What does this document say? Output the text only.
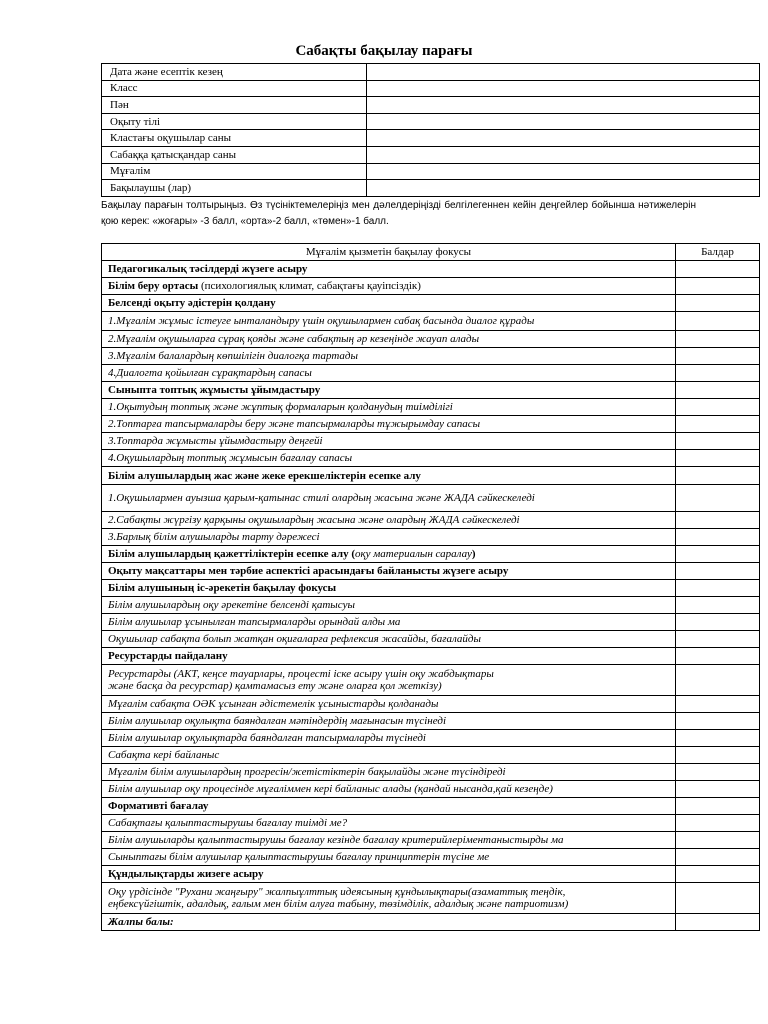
Сабақты бақылау парағы
Дата және есептік кезең	
Класс	
Пән	
Оқыту тілі	
Кластағы оқушылар саны	
Сабаққа қатысқандар саны	
Мұғалім	
Бақылаушы (лар)	
Бақылау парағын толтырыңыз. Өз түсініктемелеріңіз мен дәлелдеріңізді белгілегеннен кейін деңгейлер бойынша нәтижелерін қою керек: «жоғары» -3 балл, «орта»-2 балл, «төмен»-1 балл.
Мұғалім қызметін бақылау фокусы	Балдар
Педагогикалық тәсілдерді жүзеге асыру	
Білім беру ортасы (психологиялық климат, сабақтағы қауіпсіздік)	
Белсенді оқыту әдістерін қолдану	
1.Мұғалім жұмыс істеуге ынталандыру үшін оқушылармен сабақ басында диалог құрады	
2.Мұғалім оқушыларға сұрақ қояды және сабақтың әр кезеңінде жауап алады	
3.Мұғалім балалардың көпшілігін диалогқа тартады	
4.Диалогта қойылған сұрақтардың сапасы	
Сыныпта топтық жұмысты ұйымдастыру	
1.Оқытудың топтық және жұптық формаларын қолданудың тиімділігі	
2.Топтарға тапсырмаларды беру және тапсырмаларды тұжырымдау сапасы	
3.Топтарда жұмысты ұйымдастыру деңгейі	
4.Оқушылардың топтық жұмысын бағалау сапасы	
Білім алушылардың жас және жеке ерекшеліктерін есепке алу	
1.Оқушылармен ауызша қарым-қатынас стилі олардың жасына және ЖАДА сәйкескеледі	
2.Сабақты жүргізу қарқыны оқушылардың жасына және олардың ЖАДА сәйкескеледі	
3.Барлық білім алушыларды тарту дәрежесі	
Білім алушылардың қажеттіліктерін есепке алу (оқу материалын саралау)	
Оқыту мақсаттары мен тәрбие аспектісі арасындағы байланысты жүзеге асыру	
Білім алушының іс-әрекетін бақылау фокусы	
Білім алушылардың оқу әрекетіне белсенді қатысуы	
Білім алушылар ұсынылған тапсырмаларды орындай алды ма	
Оқушылар сабақта болып жатқан оқиғаларға рефлексия жасайды, бағалайды	
Ресурстарды пайдалану	
Ресурстарды (АКТ, кеңсе тауарлары, процесті іске асыру үшін оқу жабдықтары
және басқа да ресурстар) қамтамасыз ету және оларға қол жеткізу)	
Мұғалім сабақта ОӘК ұсынған әдістемелік ұсыныстарды қолданады	
Білім алушылар оқулықта баяндалған мәтіндердің мағынасын түсінеді	
Білім алушылар оқулықтарда баяндалған тапсырмаларды түсінеді	
Сабақта кері байланыс	
Мұғалім білім алушылардың прогресін/жетістіктерін бақылайды және түсіндіреді	
Білім алушылар оқу процесінде мұғаліммен кері байланыс алады (қандай нысанда,қай кезеңде)	
Формативті бағалау	
Сабақтағы қалыптастырушы бағалау тиімді ме?	
Білім алушыларды қалыптастырушы бағалау кезінде бағалау критерийлеріментаныстырды ма	
Сыныптағы білім алушылар қалыптастырушы бағалау принциптерін түсіне ме	
Құндылықтарды жизеге асыру	
Оқу үрдісінде "Рухани жаңғыру" жалпыұлттық идеясының құндылықтары(азаматтық теңдік,
еңбексүйгіштік, адалдық, ғалым мен білім алуға табыну, төзімділік, адалдық және патриотизм)	
Жалпы балы:	
